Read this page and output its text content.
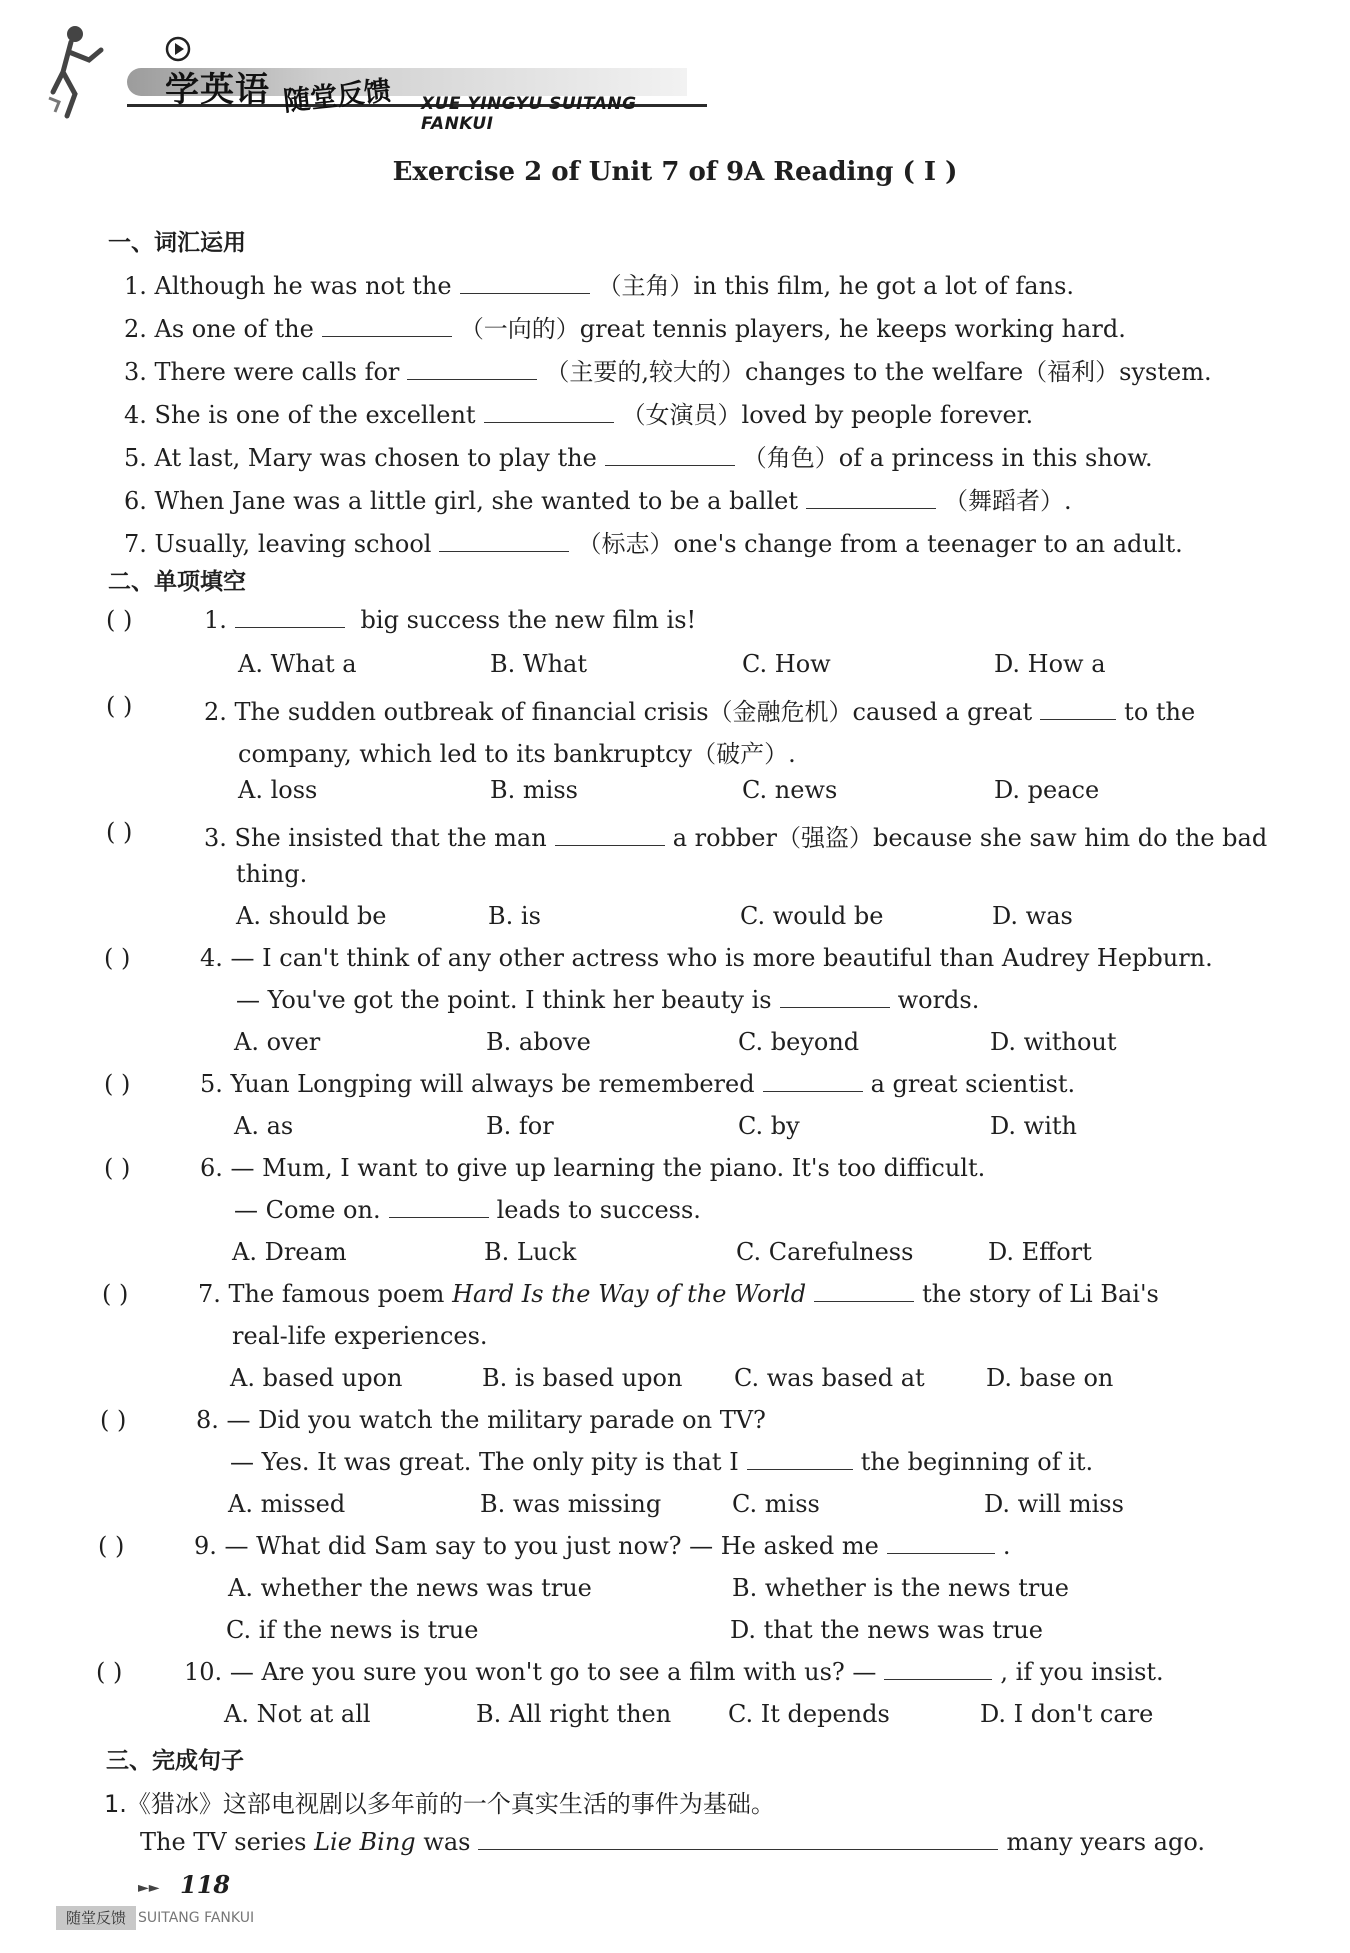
学英语 随堂反馈 XUE YINGYU SUITANG FANKUI
Exercise 2 of Unit 7 of 9A Reading ( Ⅰ )
一、词汇运用
1. Although he was not the	（主角）in this film, he got a lot of fans.
2. As one of the	（一向的）great tennis players, he keeps working hard.
3. There were calls for	（主要的,较大的）changes to the welfare（福利）system.
4. She is one of the excellent	（女演员）loved by people forever.
5. At last, Mary was chosen to play the	（角色）of a princess in this show.
6. When Jane was a little girl, she wanted to be a ballet	（舞蹈者）.
7. Usually, leaving school	（标志）one's change from a teenager to an adult.
二、单项填空
( )	1.	big success the new film is!
A. What a	B. What	C. How	D. How a
( )	2. The sudden outbreak of financial crisis（金融危机）caused a great	to the
company, which led to its bankruptcy（破产）.
A. loss	B. miss	C. news	D. peace
( )	3. She insisted that the man	a robber（强盗）because she saw him do the bad
thing.
A. should be	B. is	C. would be	D. was
( )	4. — I can't think of any other actress who is more beautiful than Audrey Hepburn.
— You've got the point. I think her beauty is	words.
A. over	B. above	C. beyond	D. without
( )	5. Yuan Longping will always be remembered	a great scientist.
A. as	B. for	C. by	D. with
( )	6. — Mum, I want to give up learning the piano. It's too difficult.
— Come on.	leads to success.
A. Dream	B. Luck	C. Carefulness	D. Effort
( )	7. The famous poem Hard Is the Way of the World	the story of Li Bai's
real-life experiences.
A. based upon	B. is based upon C. was based at	D. base on
( )	8. — Did you watch the military parade on TV?
— Yes. It was great. The only pity is that I	the beginning of it.
A. missed	B. was missing	C. miss	D. will miss
( )	9. — What did Sam say to you just now? — He asked me	.
A. whether the news was true	B. whether is the news true
C. if the news is true	D. that the news was true
( )	10. — Are you sure you won't go to see a film with us? —	, if you insist.
A. Not at all	B. All right then C. It depends	D. I don't care
三、完成句子
1.《猎冰》这部电视剧以多年前的一个真实生活的事件为基础。
The TV series Lie Bing was	many years ago.
►► 118
随堂反馈 SUITANG FANKUI
